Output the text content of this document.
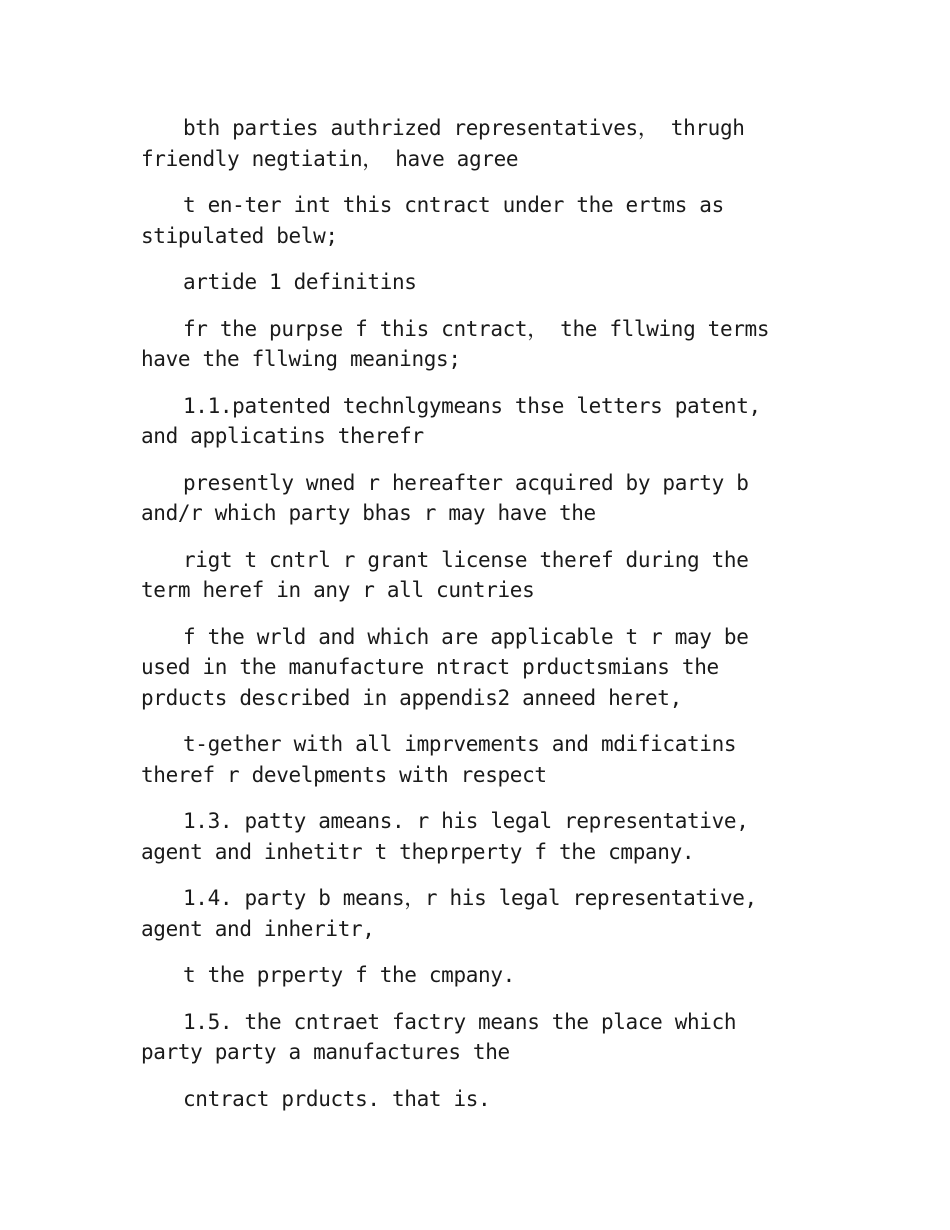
bth parties authrized representatives， thrugh friendly negtiatin， have agree

t en-ter int this cntract under the ertms as stipulated belw;

artide 1 definitins

fr the purpse f this cntract， the fllwing terms have the fllwing meanings;

1.1.patented technlgymeans thse letters patent, and applicatins therefr

presently wned r hereafter acquired by party b and/r which party bhas r may have the

rigt t cntrl r grant license theref during the term heref in any r all cuntries

f the wrld and which are applicable t r may be used in the manufacture ntract prductsmians the prducts described in appendis2 anneed heret,

t-gether with all imprvements and mdificatins theref r develpments with respect

1.3. patty ameans. r his legal representative, agent and inhetitr t theprperty f the cmpany.

1.4. party b means，r his legal representative, agent and inheritr,

t the prperty f the cmpany.

1.5. the cntraet factry means the place which party party a manufactures the

cntract prducts. that is.
